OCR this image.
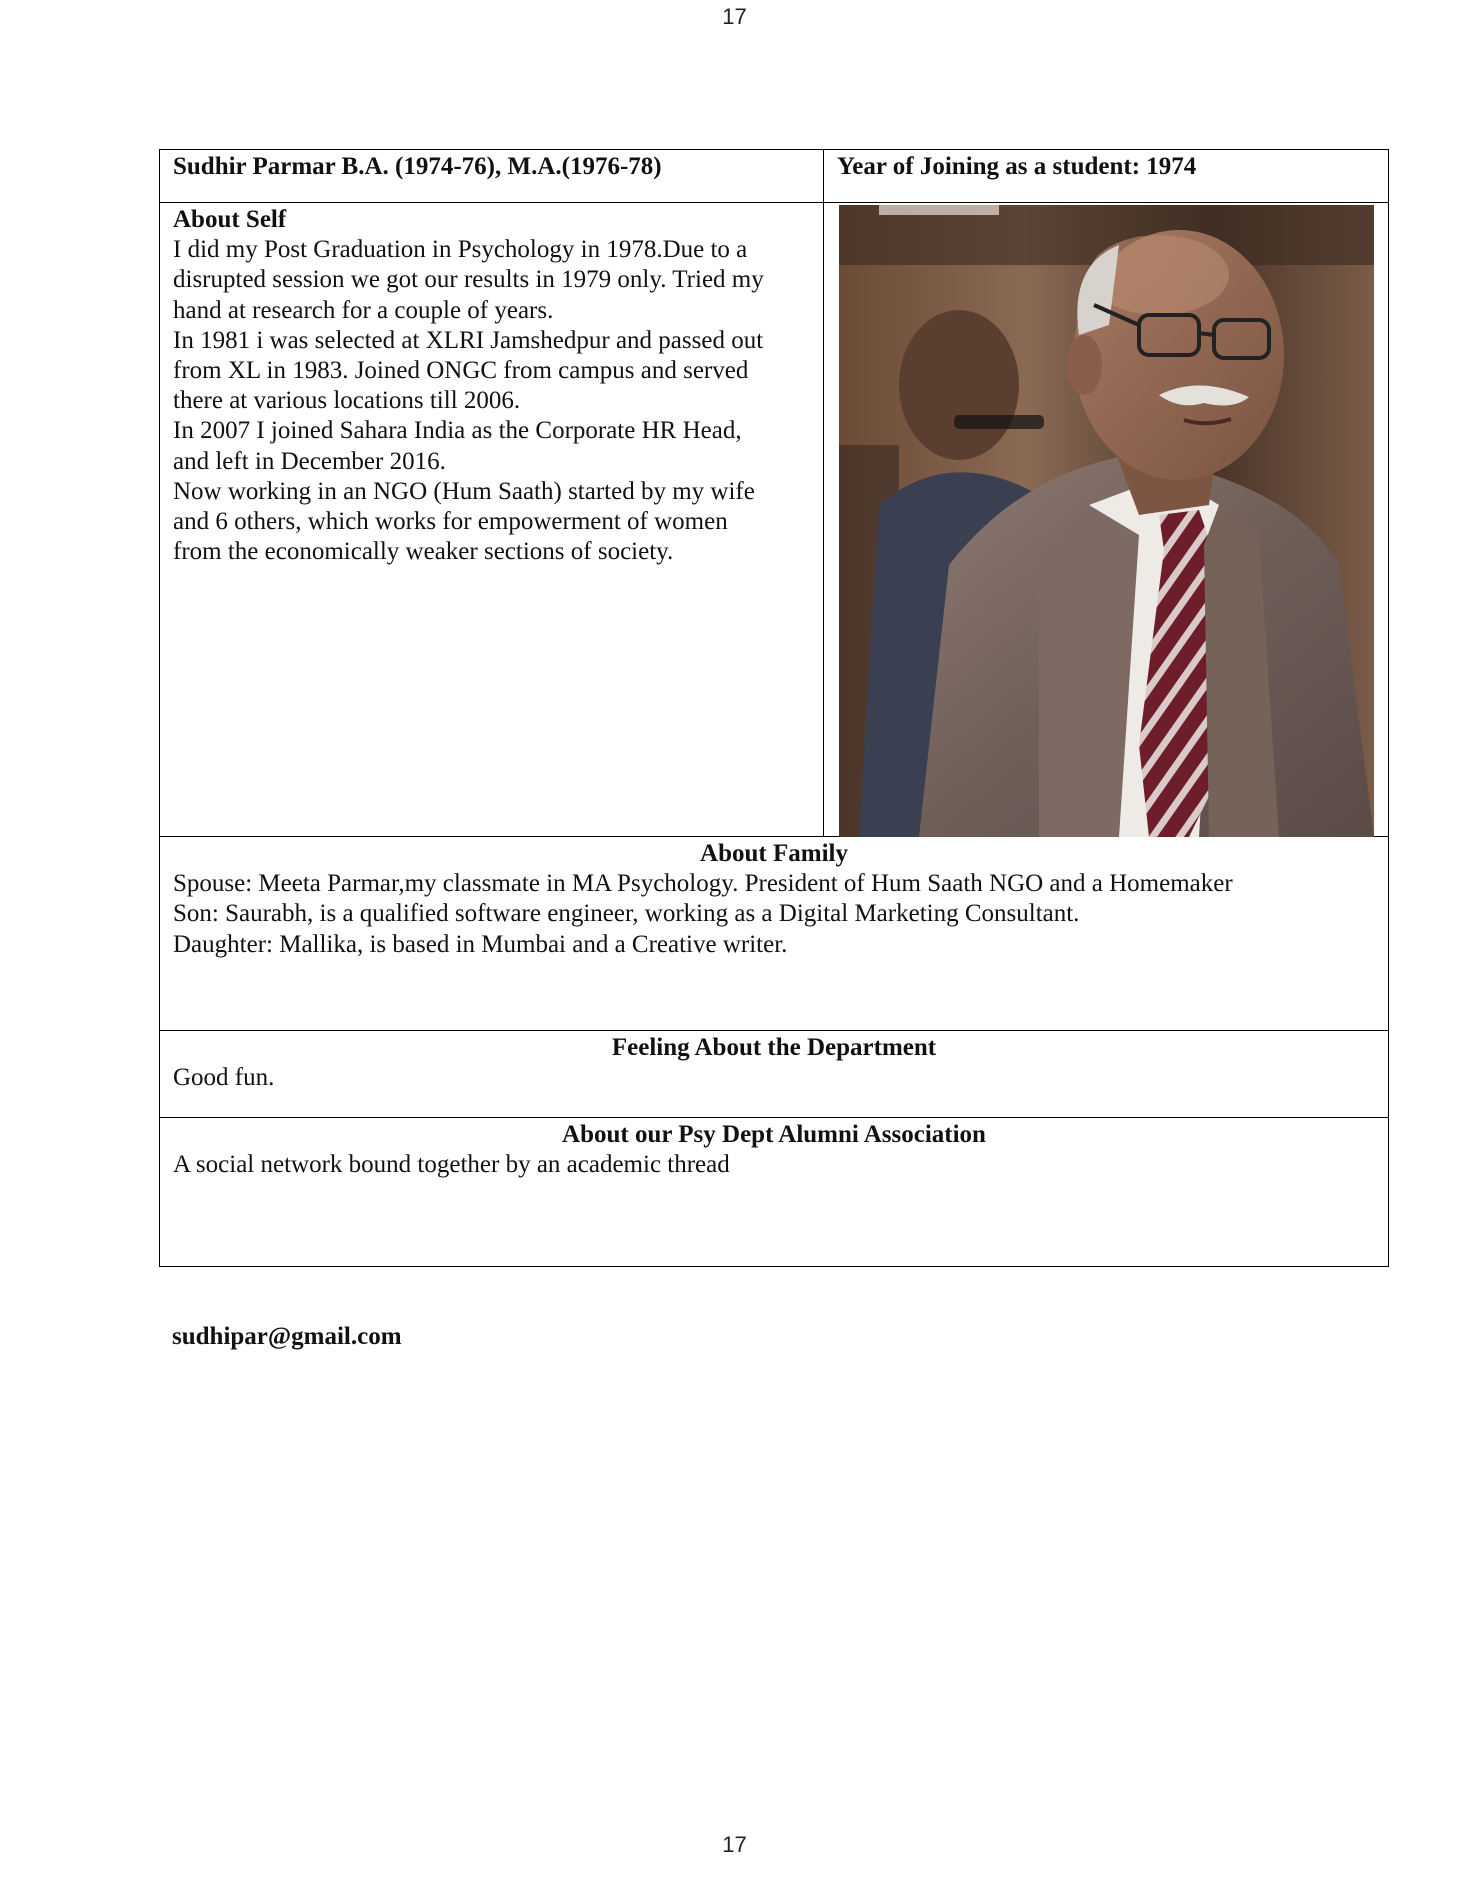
17
Sudhir Parmar B.A. (1974-76), M.A.(1976-78)	Year of Joining as a student: 1974
About Self
I did my Post Graduation in Psychology in 1978.Due to a
disrupted session we got our results in 1979 only. Tried my
hand at research for a couple of years.
In 1981 i was selected at XLRI Jamshedpur and passed out
from XL in 1983. Joined ONGC from campus and served
there at various locations till 2006.
In 2007 I joined Sahara India as the Corporate HR Head,
and left in December 2016.
Now working in an NGO (Hum Saath) started by my wife
and 6 others, which works for empowerment of women
from the economically weaker sections of society.
About Family
Spouse: Meeta Parmar,my classmate in MA Psychology. President of Hum Saath NGO and a Homemaker
Son: Saurabh, is a qualified software engineer, working as a Digital Marketing Consultant.
Daughter: Mallika, is based in Mumbai and a Creative writer.
Feeling About the Department
Good fun.
About our Psy Dept Alumni Association
A social network bound together by an academic thread
sudhipar@gmail.com
17
